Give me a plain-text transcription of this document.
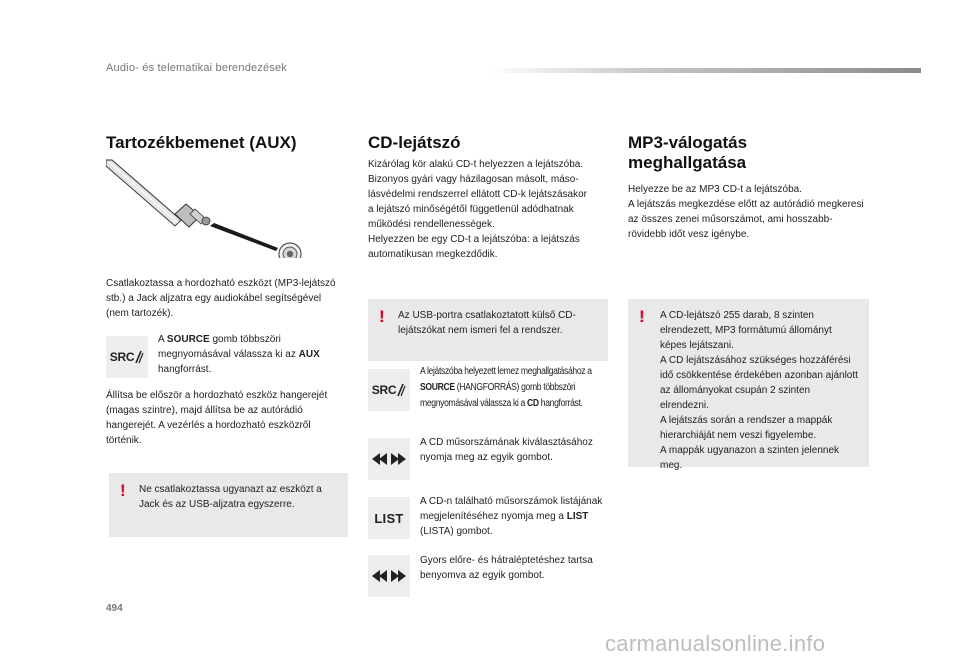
Audio- és telematikai berendezések
Tartozékbemenet (AUX)

Csatlakoztassa a hordozható eszközt (MP3-lejátszó stb.) a Jack aljzatra egy audiokábel segítségével (nem tartozék).

SRC

A SOURCE gomb többszöri megnyomásával válassza ki az AUX hangforrást.

Állítsa be először a hordozható eszköz hangerejét (magas szintre), majd állítsa be az autórádió hangerejét. A vezérlés a hordozható eszközről történik.

! Ne csatlakoztassa ugyanazt az eszközt a Jack és az USB-aljzatra egyszerre.
CD-lejátszó

Kizárólag kör alakú CD-t helyezzen a lejátszóba.

Bizonyos gyári vagy házilagosan másolt, másolásvédelmi rendszerrel ellátott CD-k lejátszásakor a lejátszó minőségétől függetlenül adódhatnak működési rendellenességek.

Helyezzen be egy CD-t a lejátszóba: a lejátszás automatikusan megkezdődik.

! Az USB-portra csatlakoztatott külső CD-lejátszókat nem ismeri fel a rendszer.
SRC
A lejátszóba helyezett lemez meghallgatásához a SOURCE (HANGFORRÁS) gomb többszöri megnyomásával válassza ki a CD hangforrást.

A CD műsorszámának kiválasztásához nyomja meg az egyik gombot.

LIST

A CD-n található műsorszámok listájának megjelenítéséhez nyomja meg a LIST (LISTA) gombot.

Gyors előre- és hátraléptetéshez tartsa benyomva az egyik gombot.

MP3-válogatás
meghallgatása

Helyezze be az MP3 CD-t a lejátszóba.

A lejátszás megkezdése előtt az autórádió megkeresi az összes zenei műsorszámot, ami hosszabb-rövidebb időt vesz igénybe.

! A CD-lejátszó 255 darab, 8 szinten elrendezett, MP3 formátumú állományt képes lejátszani.

A CD lejátszásához szükséges hozzáférési idő csökkentése érdekében azonban ajánlott az állományokat csupán 2 szinten elrendezni.

A lejátszás során a rendszer a mappák hierarchiáját nem veszi figyelembe.

A mappák ugyanazon a szinten jelennek meg.

494
carmanualsonline.info
